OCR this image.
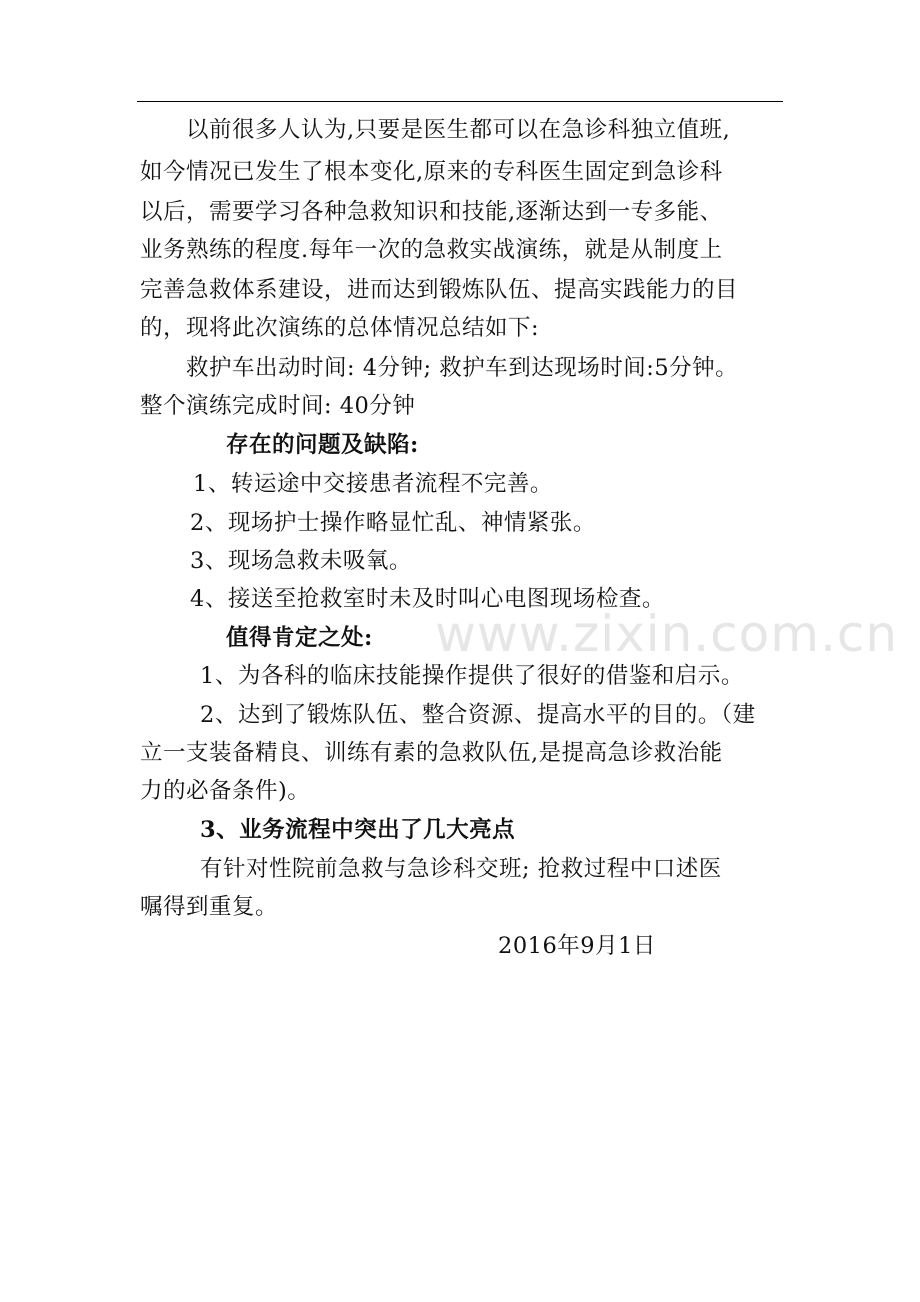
www.zixin.com.cn
以前很多人认为,只要是医生都可以在急诊科独立值班,
如今情况已发生了根本变化,原来的专科医生固定到急诊科
以后，需要学习各种急救知识和技能,逐渐达到一专多能、
业务熟练的程度.每年一次的急救实战演练，就是从制度上
完善急救体系建设，进而达到锻炼队伍、提高实践能力的目
的，现将此次演练的总体情况总结如下:
救护车出动时间: 4分钟; 救护车到达现场时间:5分钟。
整个演练完成时间: 40分钟
存在的问题及缺陷:
1、转运途中交接患者流程不完善。
2、现场护士操作略显忙乱、神情紧张。
3、现场急救未吸氧。
4、接送至抢救室时未及时叫心电图现场检查。
值得肯定之处:
1、为各科的临床技能操作提供了很好的借鉴和启示。
2、达到了锻炼队伍、整合资源、提高水平的目的。（建
立一支装备精良、训练有素的急救队伍,是提高急诊救治能
力的必备条件)。
3、业务流程中突出了几大亮点
有针对性院前急救与急诊科交班; 抢救过程中口述医
嘱得到重复。
2016年9月1日
